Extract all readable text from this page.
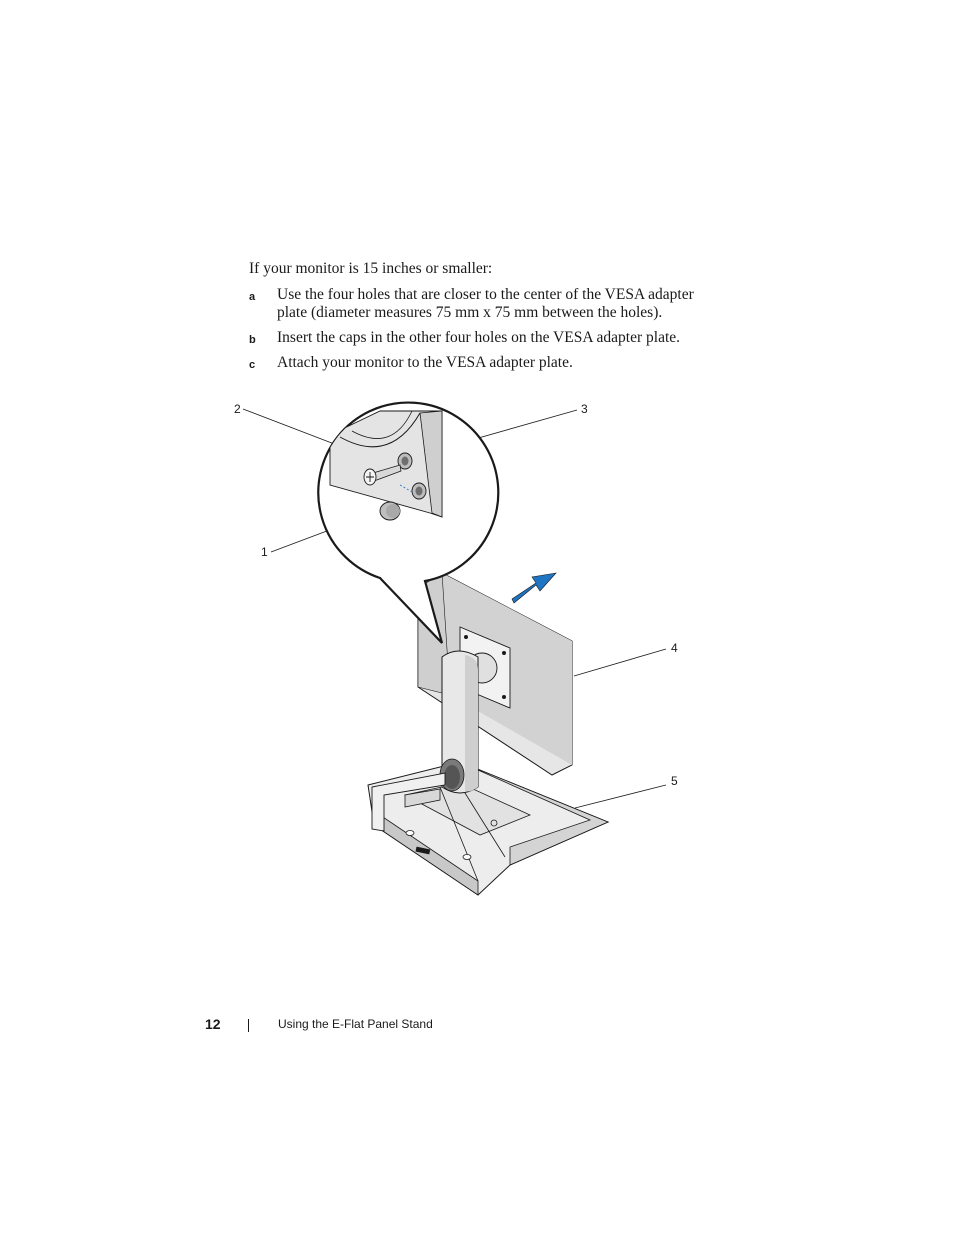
If your monitor is 15 inches or smaller:

a Use the four holes that are closer to the center of the VESA adapter plate (diameter measures 75 mm x 75 mm between the holes).
b Insert the caps in the other four holes on the VESA adapter plate.
c Attach your monitor to the VESA adapter plate.
2	3
1
4
5
12	Using the E-Flat Panel Stand
